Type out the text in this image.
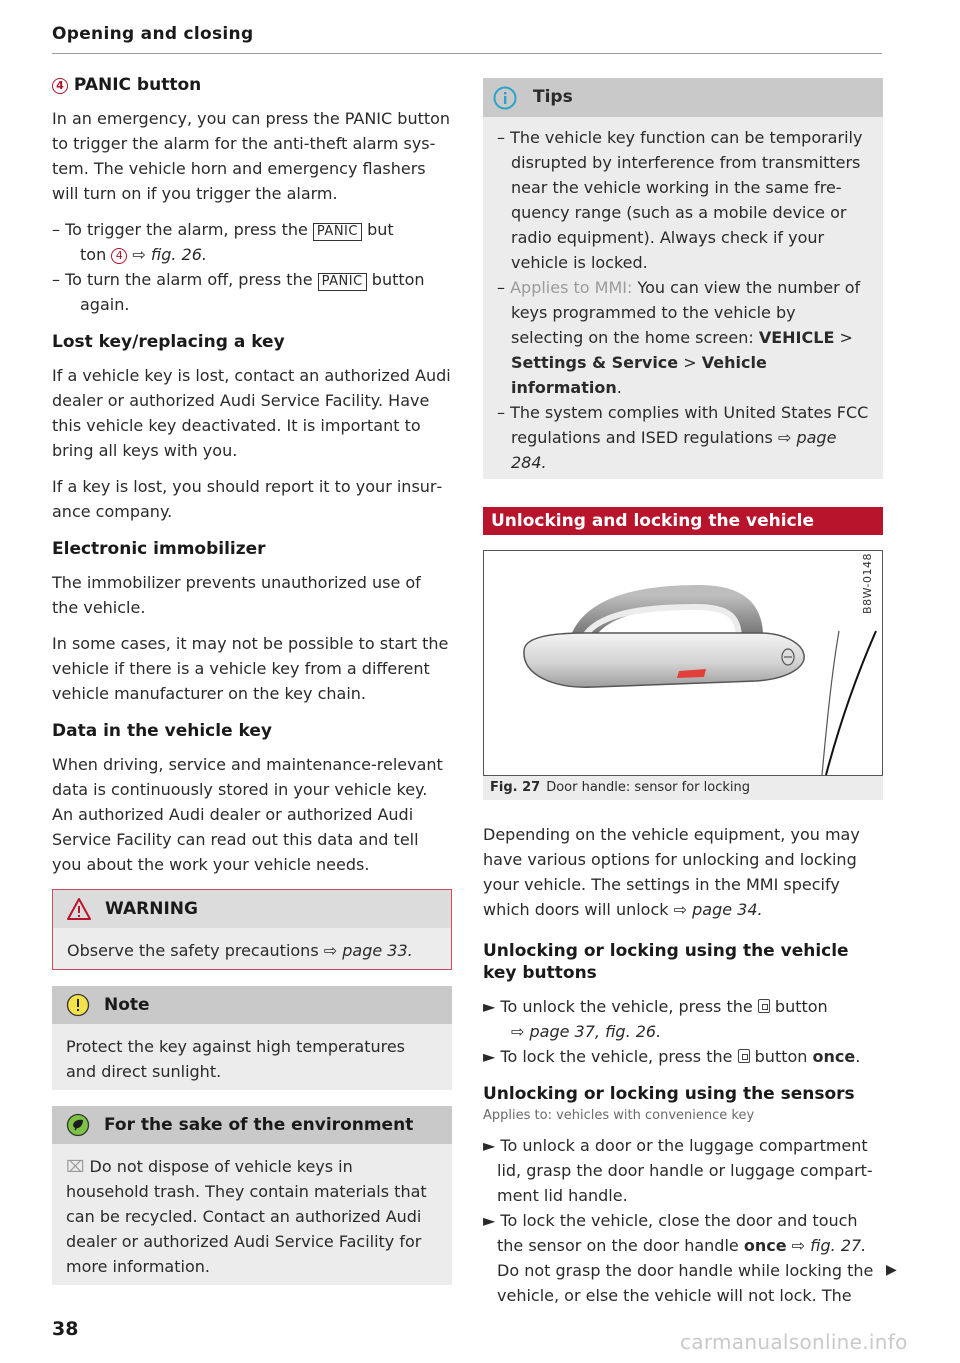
Opening and closing
4 PANIC button

In an emergency, you can press the PANIC button to trigger the alarm for the anti-theft alarm system. The vehicle horn and emergency flashers will turn on if you trigger the alarm.

– To trigger the alarm, press the PANIC but
ton 4 ⇨ fig. 26.

– To turn the alarm off, press the PANIC button
again.

Lost key/replacing a key

If a vehicle key is lost, contact an authorized Audi dealer or authorized Audi Service Facility. Have this vehicle key deactivated. It is important to bring all keys with you.

If a key is lost, you should report it to your insurance company.

Electronic immobilizer

The immobilizer prevents unauthorized use of the vehicle.

In some cases, it may not be possible to start the vehicle if there is a vehicle key from a different vehicle manufacturer on the key chain.

Data in the vehicle key

When driving, service and maintenance-relevant data is continuously stored in your vehicle key. An authorized Audi dealer or authorized Audi Service Facility can read out this data and tell you about the work your vehicle needs.

WARNING
Observe the safety precautions ⇨ page 33.
Note
Protect the key against high temperatures and direct sunlight.
For the sake of the environment
⌧ Do not dispose of vehicle keys in household trash. They contain materials that can be recycled. Contact an authorized Audi dealer or authorized Audi Service Facility for more information.
Tips

– The vehicle key function can be temporarily disrupted by interference from transmitters near the vehicle working in the same frequency range (such as a mobile device or radio equipment). Always check if your vehicle is locked.

– Applies to MMI: You can view the number of keys programmed to the vehicle by selecting on the home screen: VEHICLE > Settings & Service > Vehicle information.

– The system complies with United States FCC regulations and ISED regulations ⇨ page 284.

Unlocking and locking the vehicle
B8W-0148
Fig. 27 Door handle: sensor for locking

Depending on the vehicle equipment, you may have various options for unlocking and locking your vehicle. The settings in the MMI specify which doors will unlock ⇨ page 34.

Unlocking or locking using the vehicle key buttons

► To unlock the vehicle, press the button
⇨ page 37, fig. 26.

► To lock the vehicle, press the button once.

Unlocking or locking using the sensors
Applies to: vehicles with convenience key

► To unlock a door or the luggage compartment lid, grasp the door handle or luggage compartment lid handle.

► To lock the vehicle, close the door and touch the sensor on the door handle once ⇨ fig. 27. Do not grasp the door handle while locking the vehicle, or else the vehicle will not lock. The

▶
38
carmanualsonline.info
